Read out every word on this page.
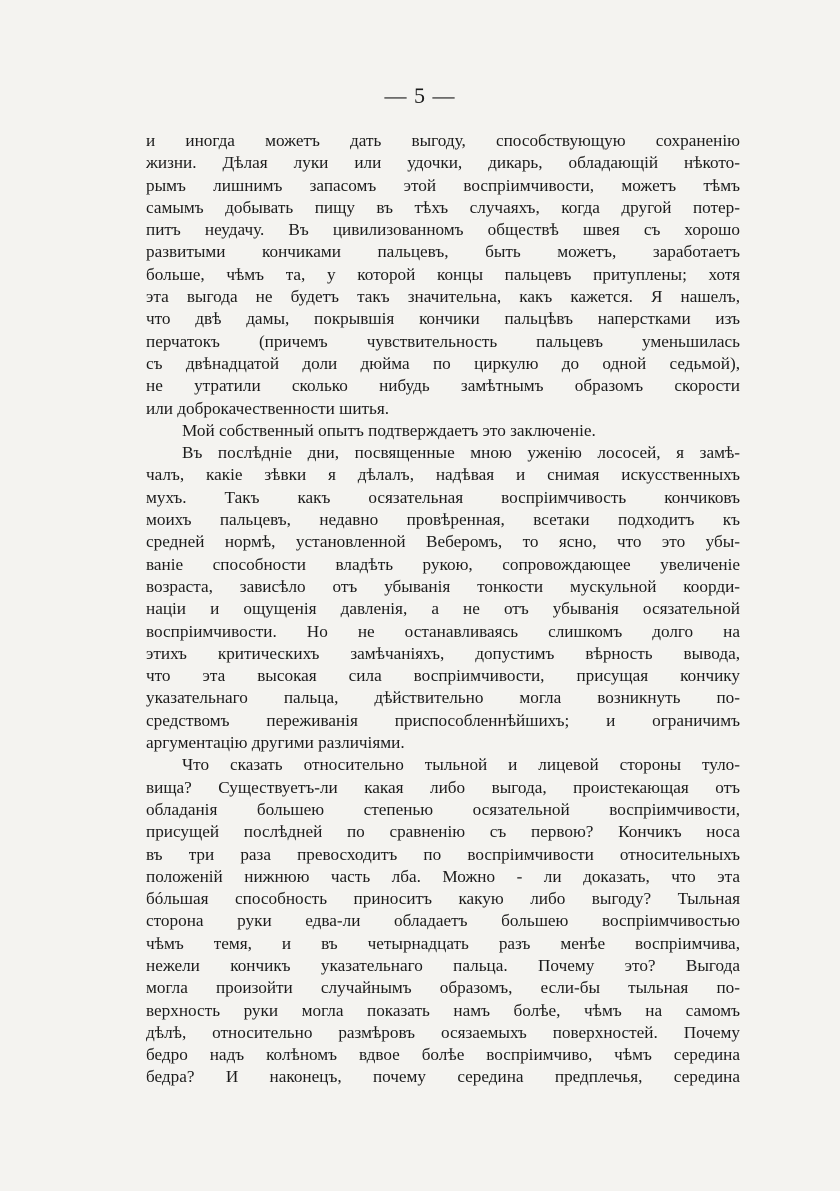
— 5 —
и иногда можетъ дать выгоду, способствующую сохраненію
жизни. Дѣлая луки или удочки, дикарь, обладающій нѣкото-
рымъ лишнимъ запасомъ этой воспріимчивости, можетъ тѣмъ
самымъ добывать пищу въ тѣхъ случаяхъ, когда другой потер-
питъ неудачу. Въ цивилизованномъ обществѣ швея съ хорошо
развитыми кончиками пальцевъ, быть можетъ, заработаетъ
больше, чѣмъ та, у которой концы пальцевъ притуплены; хотя
эта выгода не будетъ такъ значительна, какъ кажется. Я нашелъ,
что двѣ дамы, покрывшія кончики пальцѣвъ наперстками изъ
перчатокъ (причемъ чувствительность пальцевъ уменьшилась
съ двѣнадцатой доли дюйма по циркулю до одной седьмой),
не утратили сколько нибудь замѣтнымъ образомъ скорости
или доброкачественности шитья.
Мой собственный опытъ подтверждаетъ это заключеніе.
Въ послѣдніе дни, посвященные мною уженію лососей, я замѣ-
чалъ, какіе зѣвки я дѣлалъ, надѣвая и снимая искусственныхъ
мухъ. Такъ какъ осязательная воспріимчивость кончиковъ
моихъ пальцевъ, недавно провѣренная, всетаки подходитъ къ
средней нормѣ, установленной Веберомъ, то ясно, что это убы-
ваніе способности владѣть рукою, сопровождающее увеличеніе
возраста, зависѣло отъ убыванія тонкости мускульной коорди-
націи и ощущенія давленія, а не отъ убыванія осязательной
воспріимчивости. Но не останавливаясь слишкомъ долго на
этихъ критическихъ замѣчаніяхъ, допустимъ вѣрность вывода,
что эта высокая сила воспріимчивости, присущая кончику
указательнаго пальца, дѣйствительно могла возникнуть по-
средствомъ переживанія приспособленнѣйшихъ; и ограничимъ
аргументацію другими различіями.
Что сказать относительно тыльной и лицевой стороны туло-
вища? Существуетъ-ли какая либо выгода, проистекающая отъ
обладанія большею степенью осязательной воспріимчивости,
присущей послѣдней по сравненію съ первою? Кончикъ носа
въ три раза превосходитъ по воспріимчивости относительныхъ
положеній нижнюю часть лба. Можно - ли доказать, что эта
бóльшая способность приноситъ какую либо выгоду? Тыльная
сторона руки едва-ли обладаетъ большею воспріимчивостью
чѣмъ темя, и въ четырнадцать разъ менѣе воспріимчива,
нежели кончикъ указательнаго пальца. Почему это? Выгода
могла произойти случайнымъ образомъ, если-бы тыльная по-
верхность руки могла показать намъ болѣе, чѣмъ на самомъ
дѣлѣ, относительно размѣровъ осязаемыхъ поверхностей. Почему
бедро надъ колѣномъ вдвое болѣе воспріимчиво, чѣмъ середина
бедра? И наконецъ, почему середина предплечья, середина
